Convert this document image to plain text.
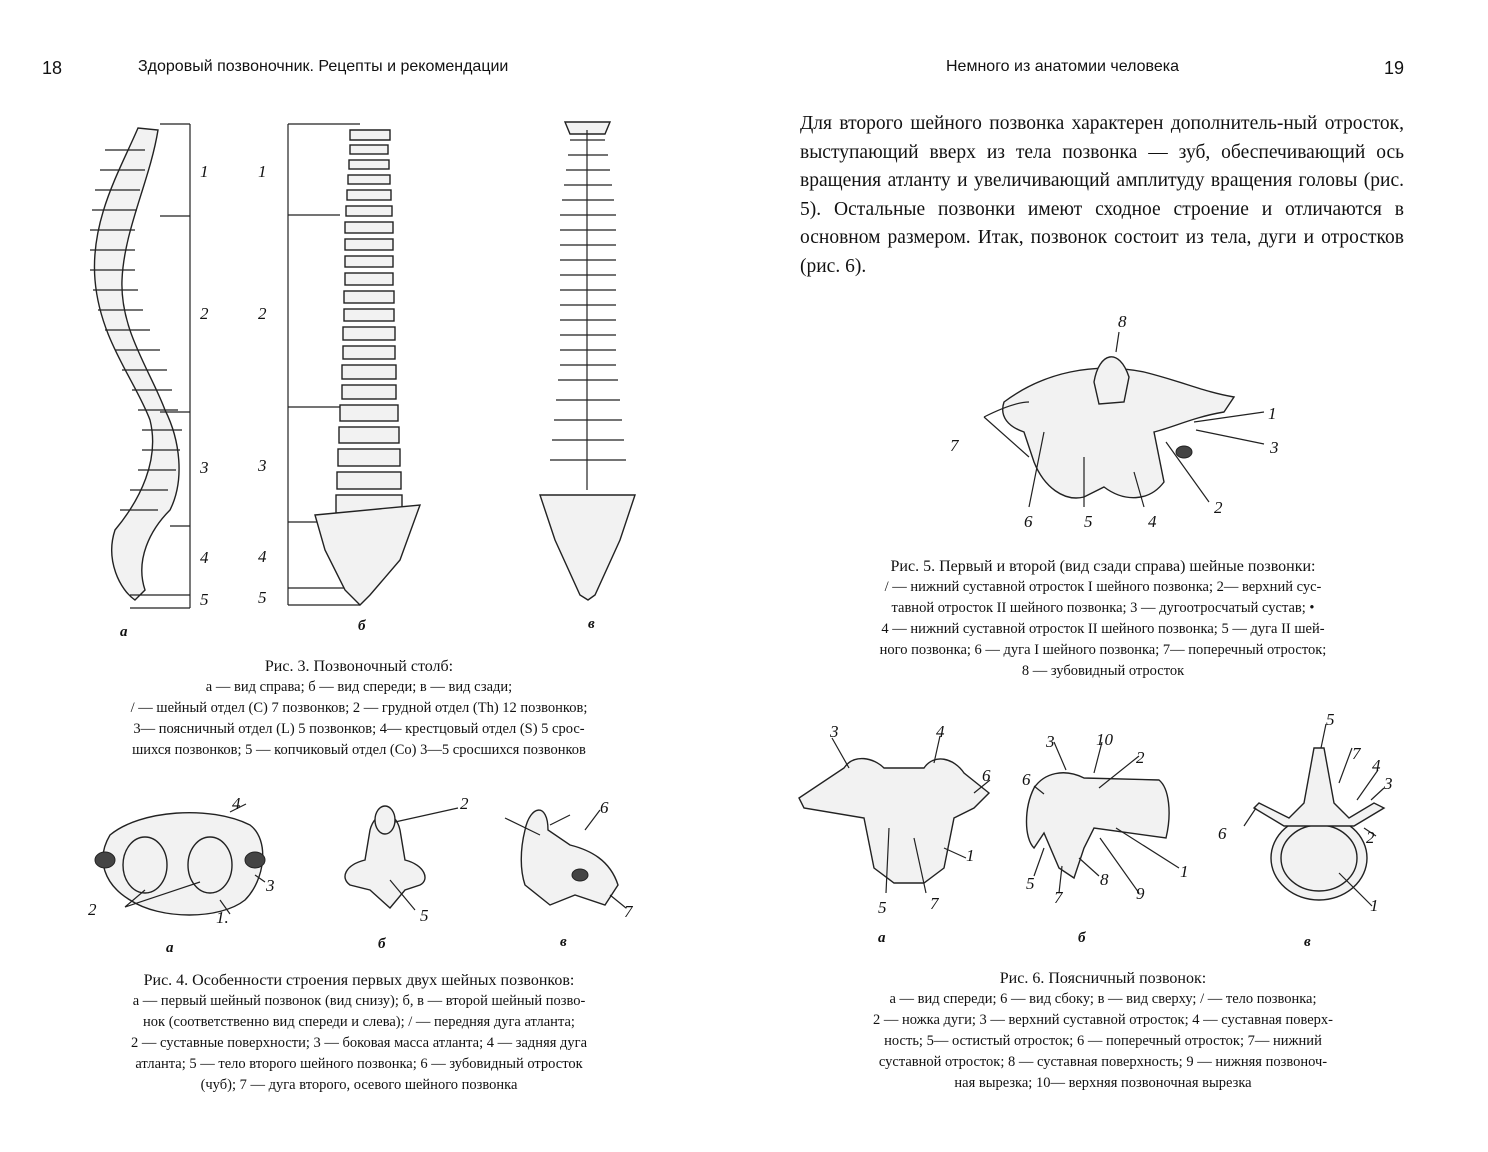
18	Здоровый позвоночник. Рецепты и рекомендации
1
2
3
4
5
1
2
3
4
5
а	б	в
Рис. 3. Позвоночный столб:
а — вид справа; б — вид спереди; в — вид сзади;
/ — шейный отдел (С) 7 позвонков; 2 — грудной отдел (Th) 12 позвонков;
3— поясничный отдел (L) 5 позвонков; 4— крестцовый отдел (S) 5 срос-
шихся позвонков; 5 — копчиковый отдел (Со) 3—5 сросшихся позвонков
4
3
2	1.
2
5
6
7
а	б	в
Рис. 4. Особенности строения первых двух шейных позвонков:
а — первый шейный позвонок (вид снизу); б, в — второй шейный позво-
нок (соответственно вид спереди и слева); / — передняя дуга атланта;
2 — суставные поверхности; 3 — боковая масса атланта; 4 — задняя дуга
атланта; 5 — тело второго шейного позвонка; 6 — зубовидный отросток
(чуб); 7 — дуга второго, осевого шейного позвонка
Немного из анатомии человека	19
Для второго шейного позвонка характерен дополнитель-ный отросток, выступающий вверх из тела позвонка — зуб, обеспечивающий ось вращения атланту и увеличивающий амплитуду вращения головы (рис. 5). Остальные позвонки имеют сходное строение и отличаются в основном размером. Итак, позвонок состоит из тела, дуги и отростков (рис. 6).
8
1
3
7
2
4
5
6
Рис. 5. Первый и второй (вид сзади справа) шейные позвонки:
/ — нижний суставной отросток I шейного позвонка; 2— верхний сус-
тавной отросток II шейного позвонка; 3 — дугоотросчатый сустав; •
4 — нижний суставной отросток II шейного позвонка; 5 — дуга II шей-
ного позвонка; 6 — дуга I шейного позвонка; 7— поперечный отросток;
8 — зубовидный отросток
3	4
6
1
5	7
3 10
2
6
1
5
7
8
9
5
7
4
3
6	2
1
а	б	в
Рис. 6. Поясничный позвонок:
а — вид спереди; 6 — вид сбоку; в — вид сверху; / — тело позвонка;
2 — ножка дуги; 3 — верхний суставной отросток; 4 — суставная поверх-
ность; 5— остистый отросток; 6 — поперечный отросток; 7— нижний
суставной отросток; 8 — суставная поверхность; 9 — нижняя позвоноч-
ная вырезка; 10— верхняя позвоночная вырезка
